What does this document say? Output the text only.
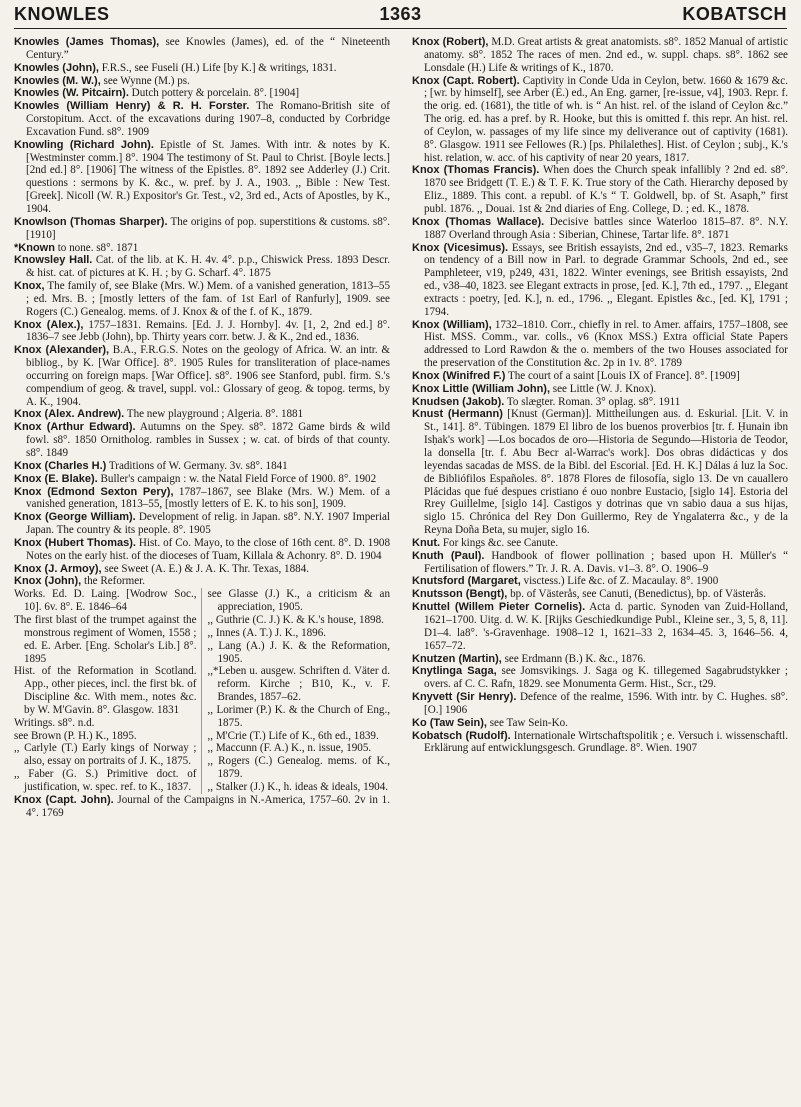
KNOWLES	1363	KOBATSCH
Knowles (James Thomas), see Knowles (James), ed. of the “ Nineteenth Century.”
Knowles (John), F.R.S., see Fuseli (H.) Life [by K.] & writings, 1831.
Knowles (M. W.), see Wynne (M.) ps.
Knowles (W. Pitcairn). Dutch pottery & porcelain. 8°. [1904]
Knowles (William Henry) & R. H. Forster. The Romano-British site of Corstopitum. Acct. of the excavations during 1907–8, conducted by Corbridge Excavation Fund. s8°. 1909
Knowling (Richard John). Epistle of St. James. With intr. & notes by K. [Westminster comm.] 8°. 1904 The testimony of St. Paul to Christ. [Boyle lects.] [2nd ed.] 8°. [1906] The witness of the Epistles. 8°. 1892 see Adderley (J.) Crit. questions : sermons by K. &c., w. pref. by J. A., 1903. ,, Bible : New Test. [Greek]. Nicoll (W. R.) Expositor's Gr. Test., v2, 3rd ed., Acts of Apostles, by K., 1904.
Knowlson (Thomas Sharper). The origins of pop. superstitions & customs. s8°. [1910]
*Known to none. s8°. 1871
Knowsley Hall. Cat. of the lib. at K. H. 4v. 4°. p.p., Chiswick Press. 1893 Descr. & hist. cat. of pictures at K. H. ; by G. Scharf. 4°. 1875
Knox, The family of, see Blake (Mrs. W.) Mem. of a vanished generation, 1813–55 ; ed. Mrs. B. ; [mostly letters of the fam. of 1st Earl of Ranfurly], 1909. see Rogers (C.) Genealog. mems. of J. Knox & of the f. of K., 1879.
Knox (Alex.), 1757–1831. Remains. [Ed. J. J. Hornby]. 4v. [1, 2, 2nd ed.] 8°. 1836–7 see Jebb (John), bp. Thirty years corr. betw. J. & K., 2nd ed., 1836.
Knox (Alexander), B.A., F.R.G.S. Notes on the geology of Africa. W. an intr. & bibliog., by K. [War Office]. 8°. 1905 Rules for transliteration of place-names occurring on foreign maps. [War Office]. s8°. 1906 see Stanford, publ. firm. S.'s compendium of geog. & travel, suppl. vol.: Glossary of geog. & topog. terms, by A. K., 1904.
Knox (Alex. Andrew). The new playground ; Algeria. 8°. 1881
Knox (Arthur Edward). Autumns on the Spey. s8°. 1872 Game birds & wild fowl. s8°. 1850 Ornitholog. rambles in Sussex ; w. cat. of birds of that county. s8°. 1849
Knox (Charles H.) Traditions of W. Germany. 3v. s8°. 1841
Knox (E. Blake). Buller's campaign : w. the Natal Field Force of 1900. 8°. 1902
Knox (Edmond Sexton Pery), 1787–1867, see Blake (Mrs. W.) Mem. of a vanished generation, 1813–55, [mostly letters of E. K. to his son], 1909.
Knox (George William). Development of relig. in Japan. s8°. N.Y. 1907 Imperial Japan. The country & its people. 8°. 1905
Knox (Hubert Thomas). Hist. of Co. Mayo, to the close of 16th cent. 8°. D. 1908 Notes on the early hist. of the dioceses of Tuam, Killala & Achonry. 8°. D. 1904
Knox (J. Armoy), see Sweet (A. E.) & J. A. K. Thr. Texas, 1884.
Knox (John), the Reformer.

Works. Ed. D. Laing. [Wodrow Soc., 10]. 6v. 8°. E. 1846–64

The first blast of the trumpet against the monstrous regiment of Women, 1558 ; ed. E. Arber. [Eng. Scholar's Lib.] 8°. 1895

Hist. of the Reformation in Scotland. App., other pieces, incl. the first bk. of Discipline &c. With mem., notes &c. by W. M'Gavin. 8°. Glasgow. 1831

Writings. s8°. n.d.

see Brown (P. H.) K., 1895.

,, Carlyle (T.) Early kings of Norway ; also, essay on portraits of J. K., 1875.

,, Faber (G. S.) Primitive doct. of justification, w. spec. ref. to K., 1837.

see Glasse (J.) K., a criticism & an appreciation, 1905.

,, Guthrie (C. J.) K. & K.'s house, 1898.

,, Innes (A. T.) J. K., 1896.

,, Lang (A.) J. K. & the Reformation, 1905.

,,*Leben u. ausgew. Schriften d. Väter d. reform. Kirche ; B10, K., v. F. Brandes, 1857–62.

,, Lorimer (P.) K. & the Church of Eng., 1875.

,, M'Crie (T.) Life of K., 6th ed., 1839.

,, Maccunn (F. A.) K., n. issue, 1905.

,, Rogers (C.) Genealog. mems. of K., 1879.

,, Stalker (J.) K., h. ideas & ideals, 1904.

Knox (Capt. John). Journal of the Campaigns in N.-America, 1757–60. 2v in 1. 4°. 1769
Knox (Robert), M.D. Great artists & great anatomists. s8°. 1852 Manual of artistic anatomy. s8°. 1852 The races of men. 2nd ed., w. suppl. chaps. s8°. 1862 see Lonsdale (H.) Life & writings of K., 1870.
Knox (Capt. Robert). Captivity in Conde Uda in Ceylon, betw. 1660 & 1679 &c. ; [wr. by himself], see Arber (E.) ed., An Eng. garner, [re-issue, v4], 1903. Repr. f. the orig. ed. (1681), the title of wh. is “ An hist. rel. of the island of Ceylon &c.” The orig. ed. has a pref. by R. Hooke, but this is omitted f. this repr. An hist. rel. of Ceylon, w. passages of my life since my deliverance out of captivity (1681). 8°. Glasgow. 1911 see Fellowes (R.) [ps. Philalethes]. Hist. of Ceylon ; subj., K.'s hist. relation, w. acc. of his captivity of near 20 years, 1817.
Knox (Thomas Francis). When does the Church speak infallibly ? 2nd ed. s8°. 1870 see Bridgett (T. E.) & T. F. K. True story of the Cath. Hierarchy deposed by Eliz., 1889. This cont. a republ. of K.'s “ T. Goldwell, bp. of St. Asaph,” first publ. 1876. ,, Douai. 1st & 2nd diaries of Eng. College, D. ; ed. K., 1878.
Knox (Thomas Wallace). Decisive battles since Waterloo 1815–87. 8°. N.Y. 1887 Overland through Asia : Siberian, Chinese, Tartar life. 8°. 1871
Knox (Vicesimus). Essays, see British essayists, 2nd ed., v35–7, 1823. Remarks on tendency of a Bill now in Parl. to degrade Grammar Schools, 2nd ed., see Pamphleteer, v19, p249, 431, 1822. Winter evenings, see British essayists, 2nd ed., v38–40, 1823. see Elegant extracts in prose, [ed. K.], 7th ed., 1797. ,, Elegant extracts : poetry, [ed. K.], n. ed., 1796. ,, Elegant. Epistles &c., [ed. K], 1791 ; 1794.
Knox (William), 1732–1810. Corr., chiefly in rel. to Amer. affairs, 1757–1808, see Hist. MSS. Comm., var. colls., v6 (Knox MSS.) Extra official State Papers addressed to Lord Rawdon & the o. members of the two Houses associated for the preservation of the Constitution &c. 2p in 1v. 8°. 1789
Knox (Winifred F.) The court of a saint [Louis IX of France]. 8°. [1909]
Knox Little (William John), see Little (W. J. Knox).
Knudsen (Jakob). To slægter. Roman. 3° oplag. s8°. 1911
Knust (Hermann) [Knust (German)]. Mittheilungen aus. d. Eskurial. [Lit. V. in St., 141]. 8°. Tübingen. 1879 El libro de los buenos proverbios [tr. f. Ḥunain ibn Isḥak's work] —Los bocados de oro—Historia de Segundo—Historia de Teodor, la donsella [tr. f. Abu Becr al-Warrac's work]. Dos obras didácticas y dos leyendas sacadas de MSS. de la Bibl. del Escorial. [Ed. H. K.] Dálas á luz la Soc. de Bibliófilos Españoles. 8°. 1878 Flores de filosofía, siglo 13. De vn cauallero Plácidas que fué despues cristiano é ouo nonbre Eustacio, [siglo 14]. Estoria del Rrey Guillelme, [siglo 14]. Castigos y dotrinas que vn sabio daua a sus hijas, siglo 15. Chrónica del Rey Don Guillermo, Rey de Yngalaterra &c., y de la Reyna Doña Beta, su mujer, siglo 16.
Knut. For kings &c. see Canute.
Knuth (Paul). Handbook of flower pollination ; based upon H. Müller's “ Fertilisation of flowers.” Tr. J. R. A. Davis. v1–3. 8°. O. 1906–9
Knutsford (Margaret, visctess.) Life &c. of Z. Macaulay. 8°. 1900
Knutsson (Bengt), bp. of Västerås, see Canuti, (Benedictus), bp. of Västerås.
Knuttel (Willem Pieter Cornelis). Acta d. partic. Synoden van Zuid-Holland, 1621–1700. Uitg. d. W. K. [Rijks Geschiedkundige Publ., Kleine ser., 3, 5, 8, 11]. D1–4. la8°. 's-Gravenhage. 1908–12 1, 1621–33 2, 1634–45. 3, 1646–56. 4, 1657–72.
Knutzen (Martin), see Erdmann (B.) K. &c., 1876.
Knytlinga Saga, see Jomsvikings. J. Saga og K. tillegemed Sagabrudstykker ; overs. af C. C. Rafn, 1829. see Monumenta Germ. Hist., Scr., t29.
Knyvett (Sir Henry). Defence of the realme, 1596. With intr. by C. Hughes. s8°. [O.] 1906
Ko (Taw Sein), see Taw Sein-Ko.
Kobatsch (Rudolf). Internationale Wirtschaftspolitik ; e. Versuch i. wissenschaftl. Erklärung auf entwicklungsgesch. Grundlage. 8°. Wien. 1907
